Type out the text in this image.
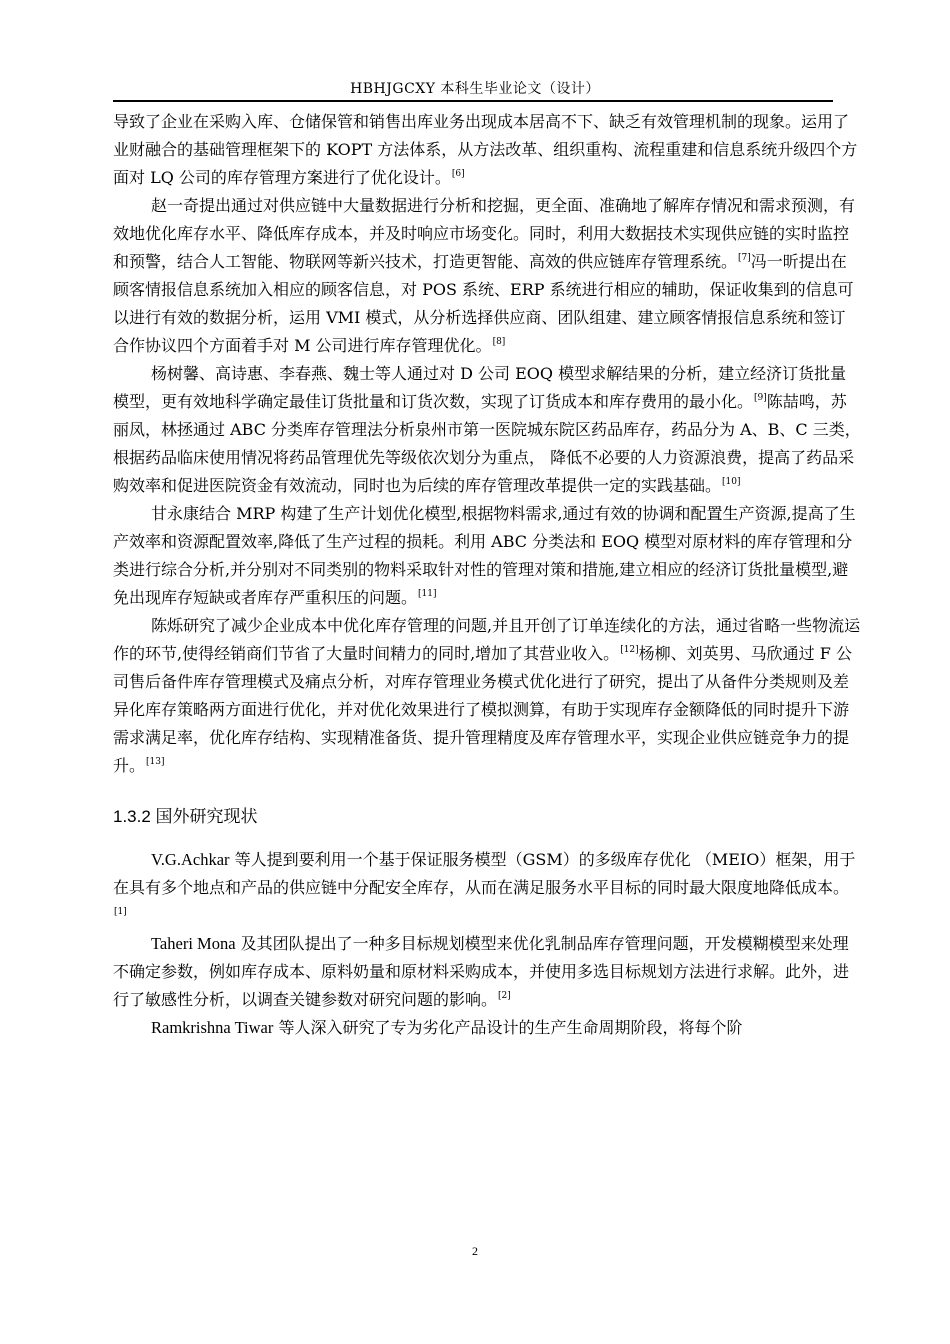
HBHJGCXY 本科生毕业论文（设计）

导致了企业在采购入库、仓储保管和销售出库业务出现成本居高不下、缺乏有效管理机制的现象。运用了业财融合的基础管理框架下的 KOPT 方法体系，从方法改革、组织重构、流程重建和信息系统升级四个方面对 LQ 公司的库存管理方案进行了优化设计。[6]

赵一奇提出通过对供应链中大量数据进行分析和挖掘，更全面、准确地了解库存情况和需求预测，有效地优化库存水平、降低库存成本，并及时响应市场变化。同时，利用大数据技术实现供应链的实时监控和预警，结合人工智能、物联网等新兴技术，打造更智能、高效的供应链库存管理系统。[7]冯一昕提出在顾客情报信息系统加入相应的顾客信息，对 POS 系统、ERP 系统进行相应的辅助，保证收集到的信息可以进行有效的数据分析，运用 VMI 模式，从分析选择供应商、团队组建、建立顾客情报信息系统和签订合作协议四个方面着手对 M 公司进行库存管理优化。[8]

杨树馨、高诗惠、李春燕、魏士等人通过对 D 公司 EOQ 模型求解结果的分析，建立经济订货批量模型，更有效地科学确定最佳订货批量和订货次数，实现了订货成本和库存费用的最小化。[9]陈喆鸣，苏丽凤，林拯通过 ABC 分类库存管理法分析泉州市第一医院城东院区药品库存，药品分为 A、B、C 三类，根据药品临床使用情况将药品管理优先等级依次划分为重点， 降低不必要的人力资源浪费，提高了药品采购效率和促进医院资金有效流动，同时也为后续的库存管理改革提供一定的实践基础。[10]

甘永康结合 MRP 构建了生产计划优化模型,根据物料需求,通过有效的协调和配置生产资源,提高了生产效率和资源配置效率,降低了生产过程的损耗。利用 ABC 分类法和 EOQ 模型对原材料的库存管理和分类进行综合分析,并分别对不同类别的物料采取针对性的管理对策和措施,建立相应的经济订货批量模型,避免出现库存短缺或者库存严重积压的问题。[11]

陈烁研究了减少企业成本中优化库存管理的问题,并且开创了订单连续化的方法，通过省略一些物流运作的环节,使得经销商们节省了大量时间精力的同时,增加了其营业收入。[12]杨柳、刘英男、马欣通过 F 公司售后备件库存管理模式及痛点分析，对库存管理业务模式优化进行了研究，提出了从备件分类规则及差异化库存策略两方面进行优化，并对优化效果进行了模拟测算，有助于实现库存金额降低的同时提升下游需求满足率，优化库存结构、实现精准备货、提升管理精度及库存管理水平，实现企业供应链竞争力的提升。[13]

1.3.2 国外研究现状

V.G.Achkar 等人提到要利用一个基于保证服务模型（GSM）的多级库存优化 （MEIO）框架，用于在具有多个地点和产品的供应链中分配安全库存，从而在满足服务水平目标的同时最大限度地降低成本。[1]

Taheri Mona 及其团队提出了一种多目标规划模型来优化乳制品库存管理问题，开发模糊模型来处理不确定参数，例如库存成本、原料奶量和原材料采购成本，并使用多选目标规划方法进行求解。此外，进行了敏感性分析，以调查关键参数对研究问题的影响。[2]

Ramkrishna Tiwar 等人深入研究了专为劣化产品设计的生产生命周期阶段，将每个阶

2
